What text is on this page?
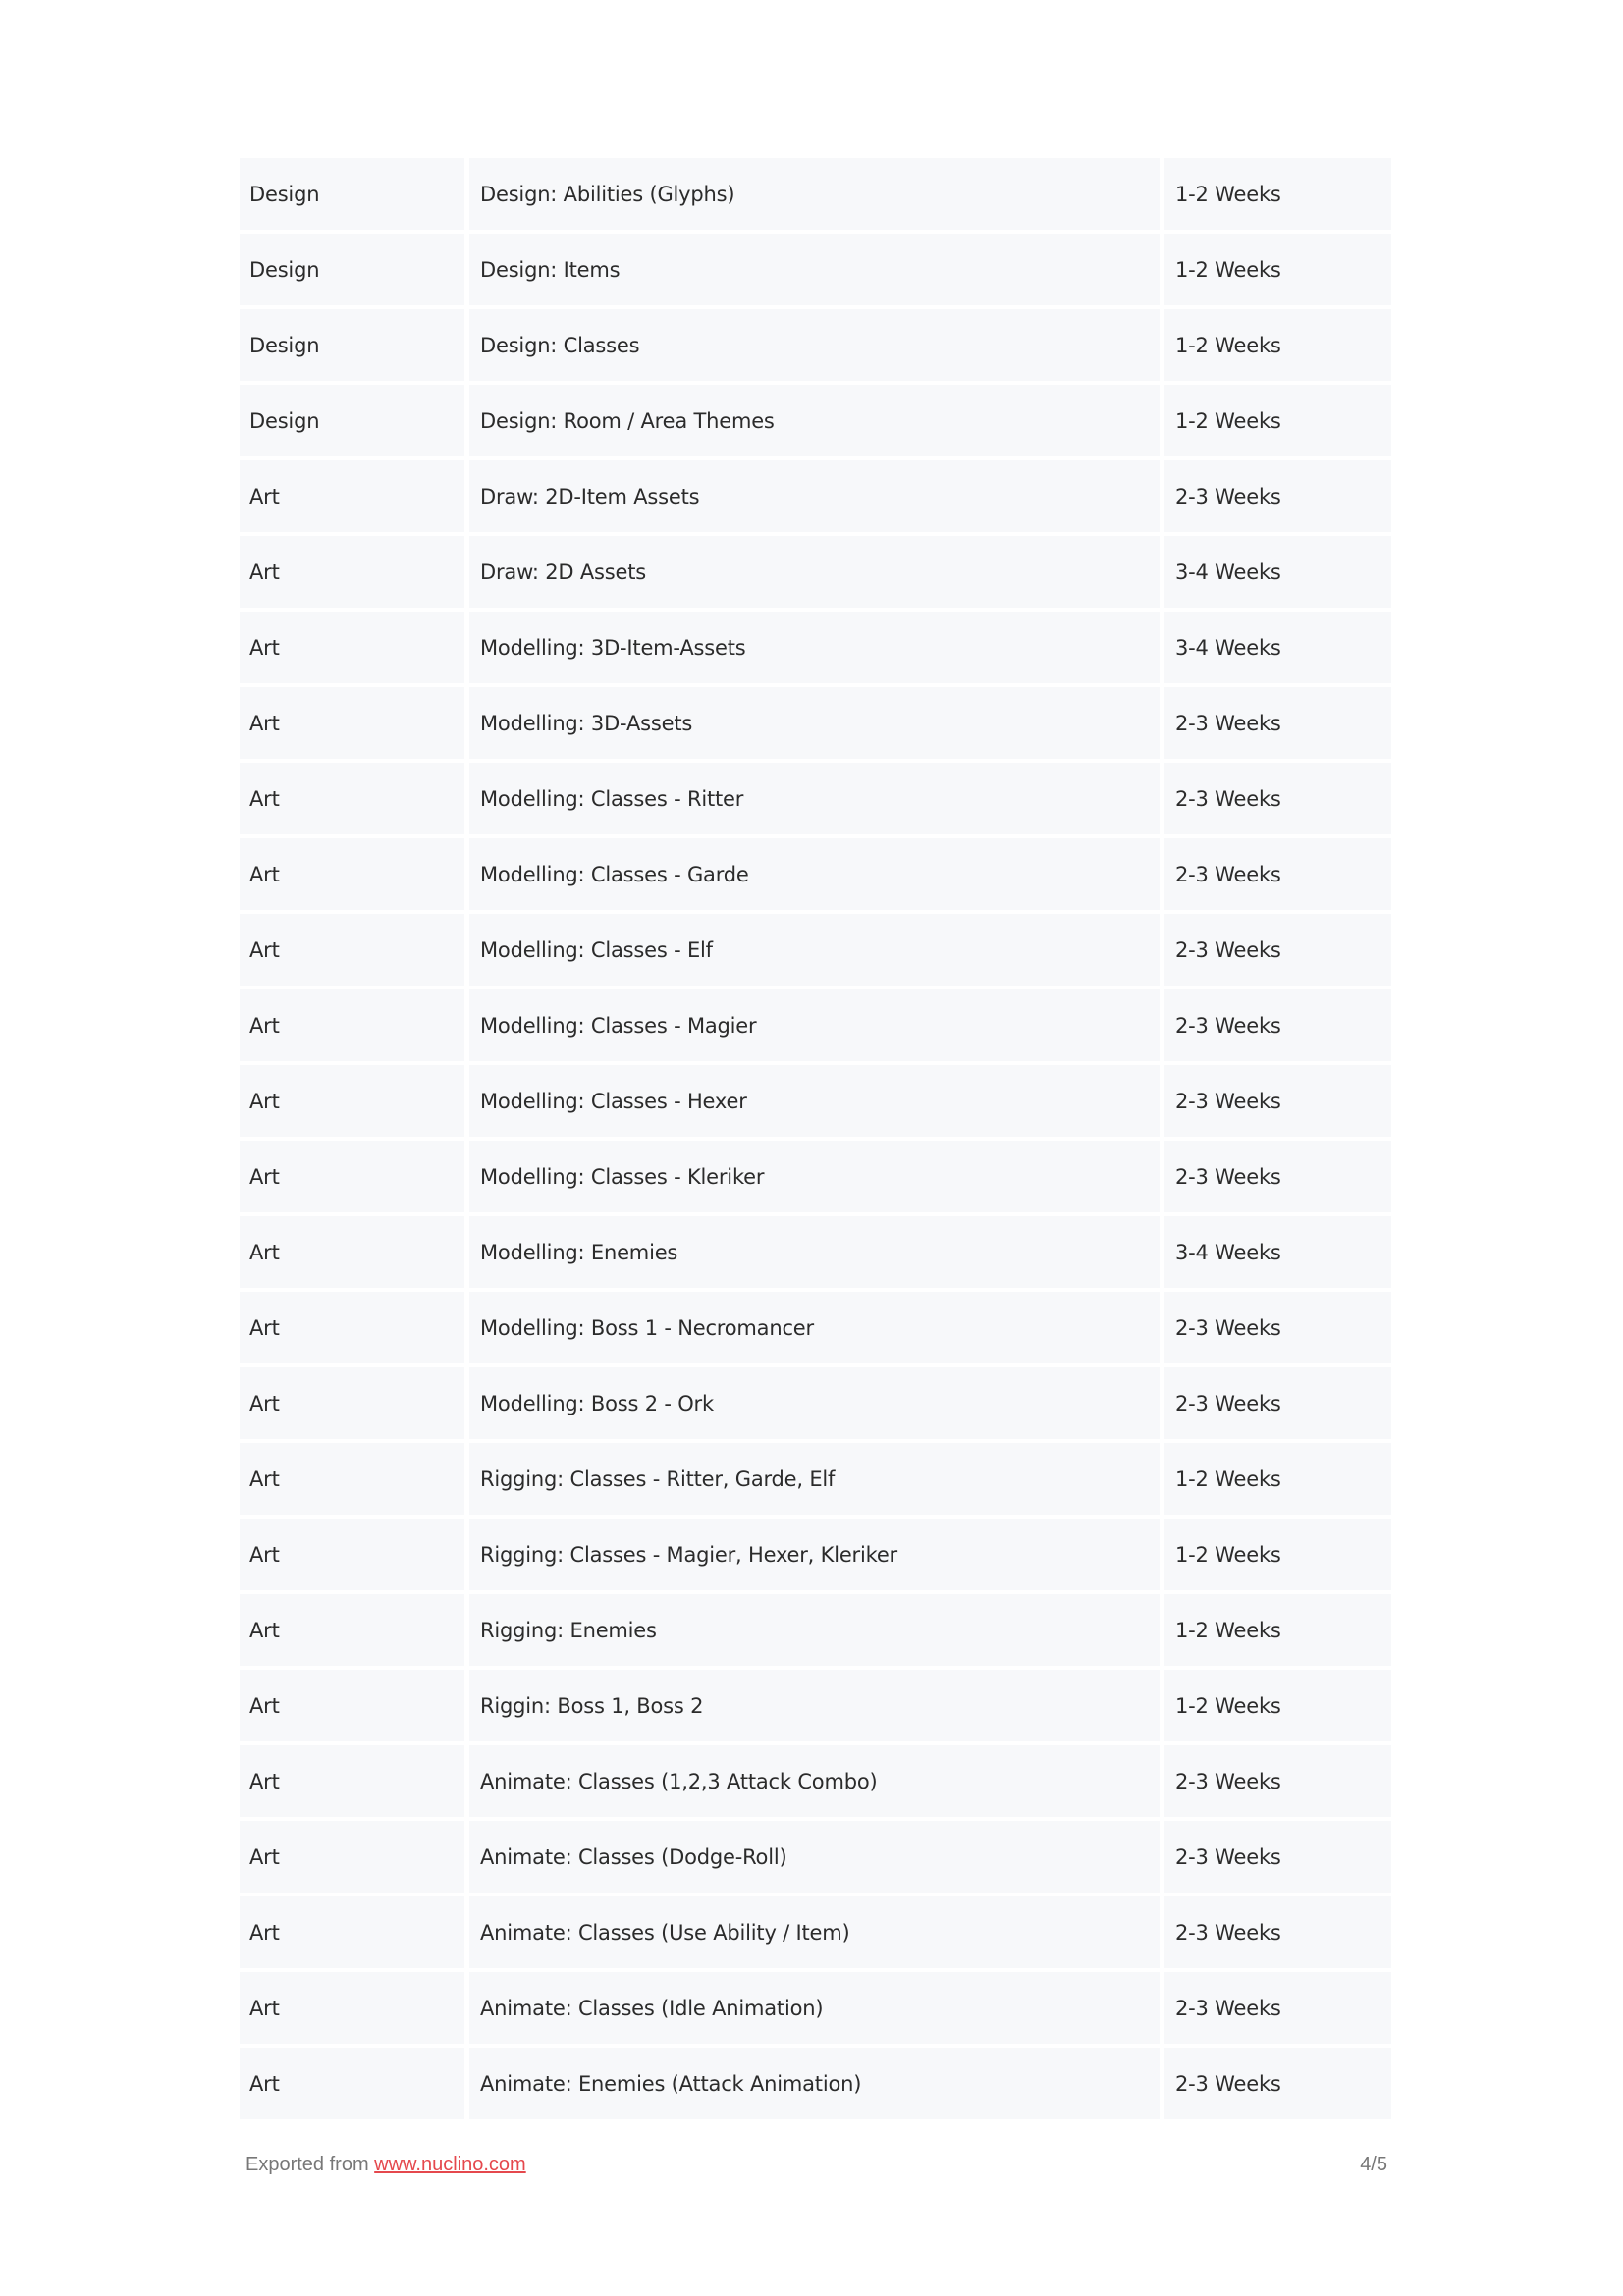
Design	Design: Abilities (Glyphs)	1-2 Weeks
Design	Design: Items	1-2 Weeks
Design	Design: Classes	1-2 Weeks
Design	Design: Room / Area Themes	1-2 Weeks
Art	Draw: 2D-Item Assets	2-3 Weeks
Art	Draw: 2D Assets	3-4 Weeks
Art	Modelling: 3D-Item-Assets	3-4 Weeks
Art	Modelling: 3D-Assets	2-3 Weeks
Art	Modelling: Classes - Ritter	2-3 Weeks
Art	Modelling: Classes - Garde	2-3 Weeks
Art	Modelling: Classes - Elf	2-3 Weeks
Art	Modelling: Classes - Magier	2-3 Weeks
Art	Modelling: Classes - Hexer	2-3 Weeks
Art	Modelling: Classes - Kleriker	2-3 Weeks
Art	Modelling: Enemies	3-4 Weeks
Art	Modelling: Boss 1 - Necromancer	2-3 Weeks
Art	Modelling: Boss 2 - Ork	2-3 Weeks
Art	Rigging: Classes - Ritter, Garde, Elf	1-2 Weeks
Art	Rigging: Classes - Magier, Hexer, Kleriker	1-2 Weeks
Art	Rigging: Enemies	1-2 Weeks
Art	Riggin: Boss 1, Boss 2	1-2 Weeks
Art	Animate: Classes (1,2,3 Attack Combo)	2-3 Weeks
Art	Animate: Classes (Dodge-Roll)	2-3 Weeks
Art	Animate: Classes (Use Ability / Item)	2-3 Weeks
Art	Animate: Classes (Idle Animation)	2-3 Weeks
Art	Animate: Enemies (Attack Animation)	2-3 Weeks
Exported from www.nuclino.com	4/5
